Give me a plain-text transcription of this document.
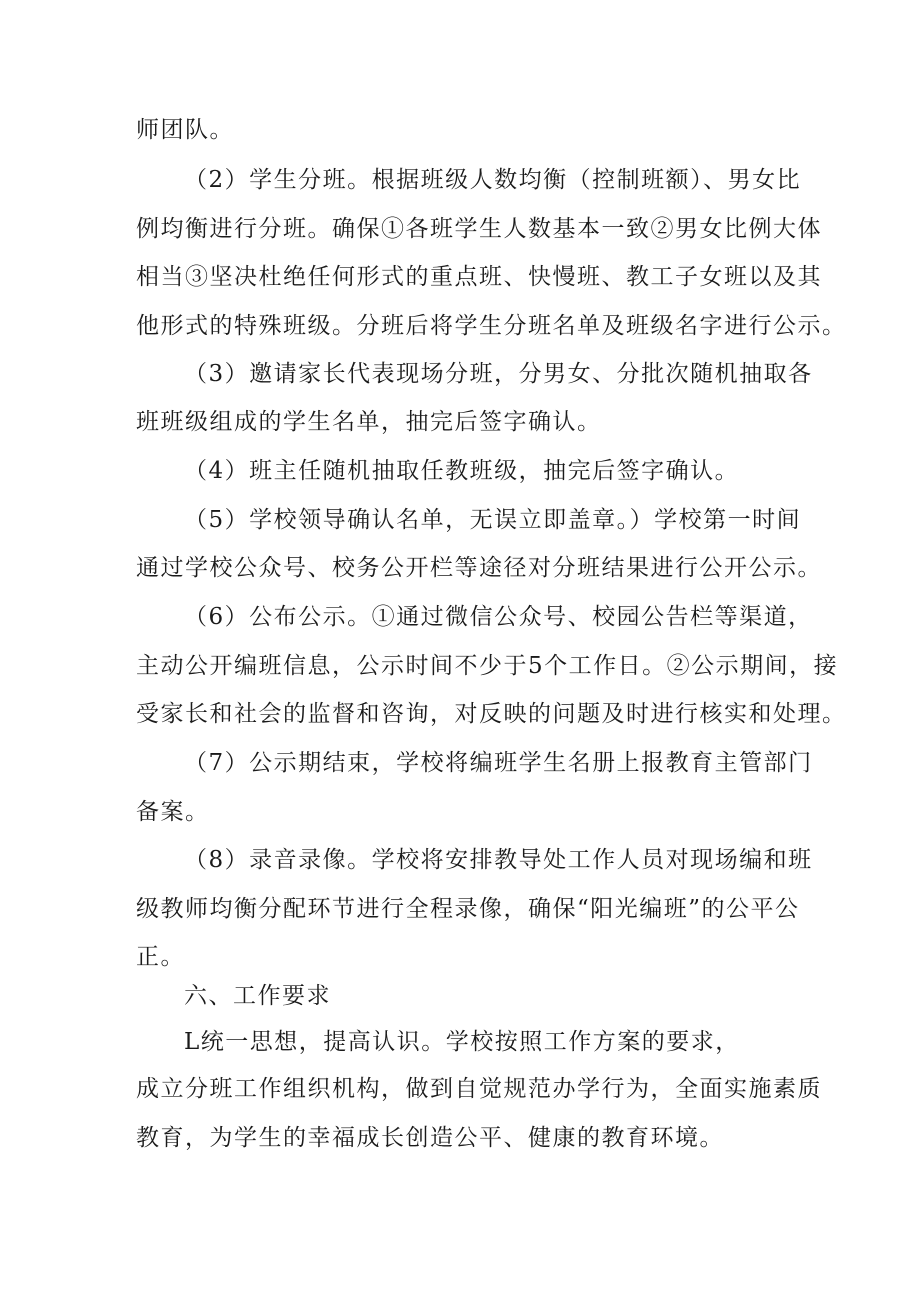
师团队。
（2）学生分班。根据班级人数均衡（控制班额）、男女比
例均衡进行分班。确保①各班学生人数基本一致②男女比例大体
相当③坚决杜绝任何形式的重点班、快慢班、教工子女班以及其
他形式的特殊班级。分班后将学生分班名单及班级名字进行公示。
（3）邀请家长代表现场分班，分男女、分批次随机抽取各
班班级组成的学生名单，抽完后签字确认。
（4）班主任随机抽取任教班级，抽完后签字确认。
（5）学校领导确认名单，无误立即盖章。）学校第一时间
通过学校公众号、校务公开栏等途径对分班结果进行公开公示。
（6）公布公示。①通过微信公众号、校园公告栏等渠道，
主动公开编班信息，公示时间不少于5个工作日。②公示期间，接
受家长和社会的监督和咨询，对反映的问题及时进行核实和处理。
（7）公示期结束，学校将编班学生名册上报教育主管部门
备案。
（8）录音录像。学校将安排教导处工作人员对现场编和班
级教师均衡分配环节进行全程录像，确保“阳光编班”的公平公
正。
六、工作要求
L统一思想，提高认识。学校按照工作方案的要求，
成立分班工作组织机构，做到自觉规范办学行为，全面实施素质
教育，为学生的幸福成长创造公平、健康的教育环境。
